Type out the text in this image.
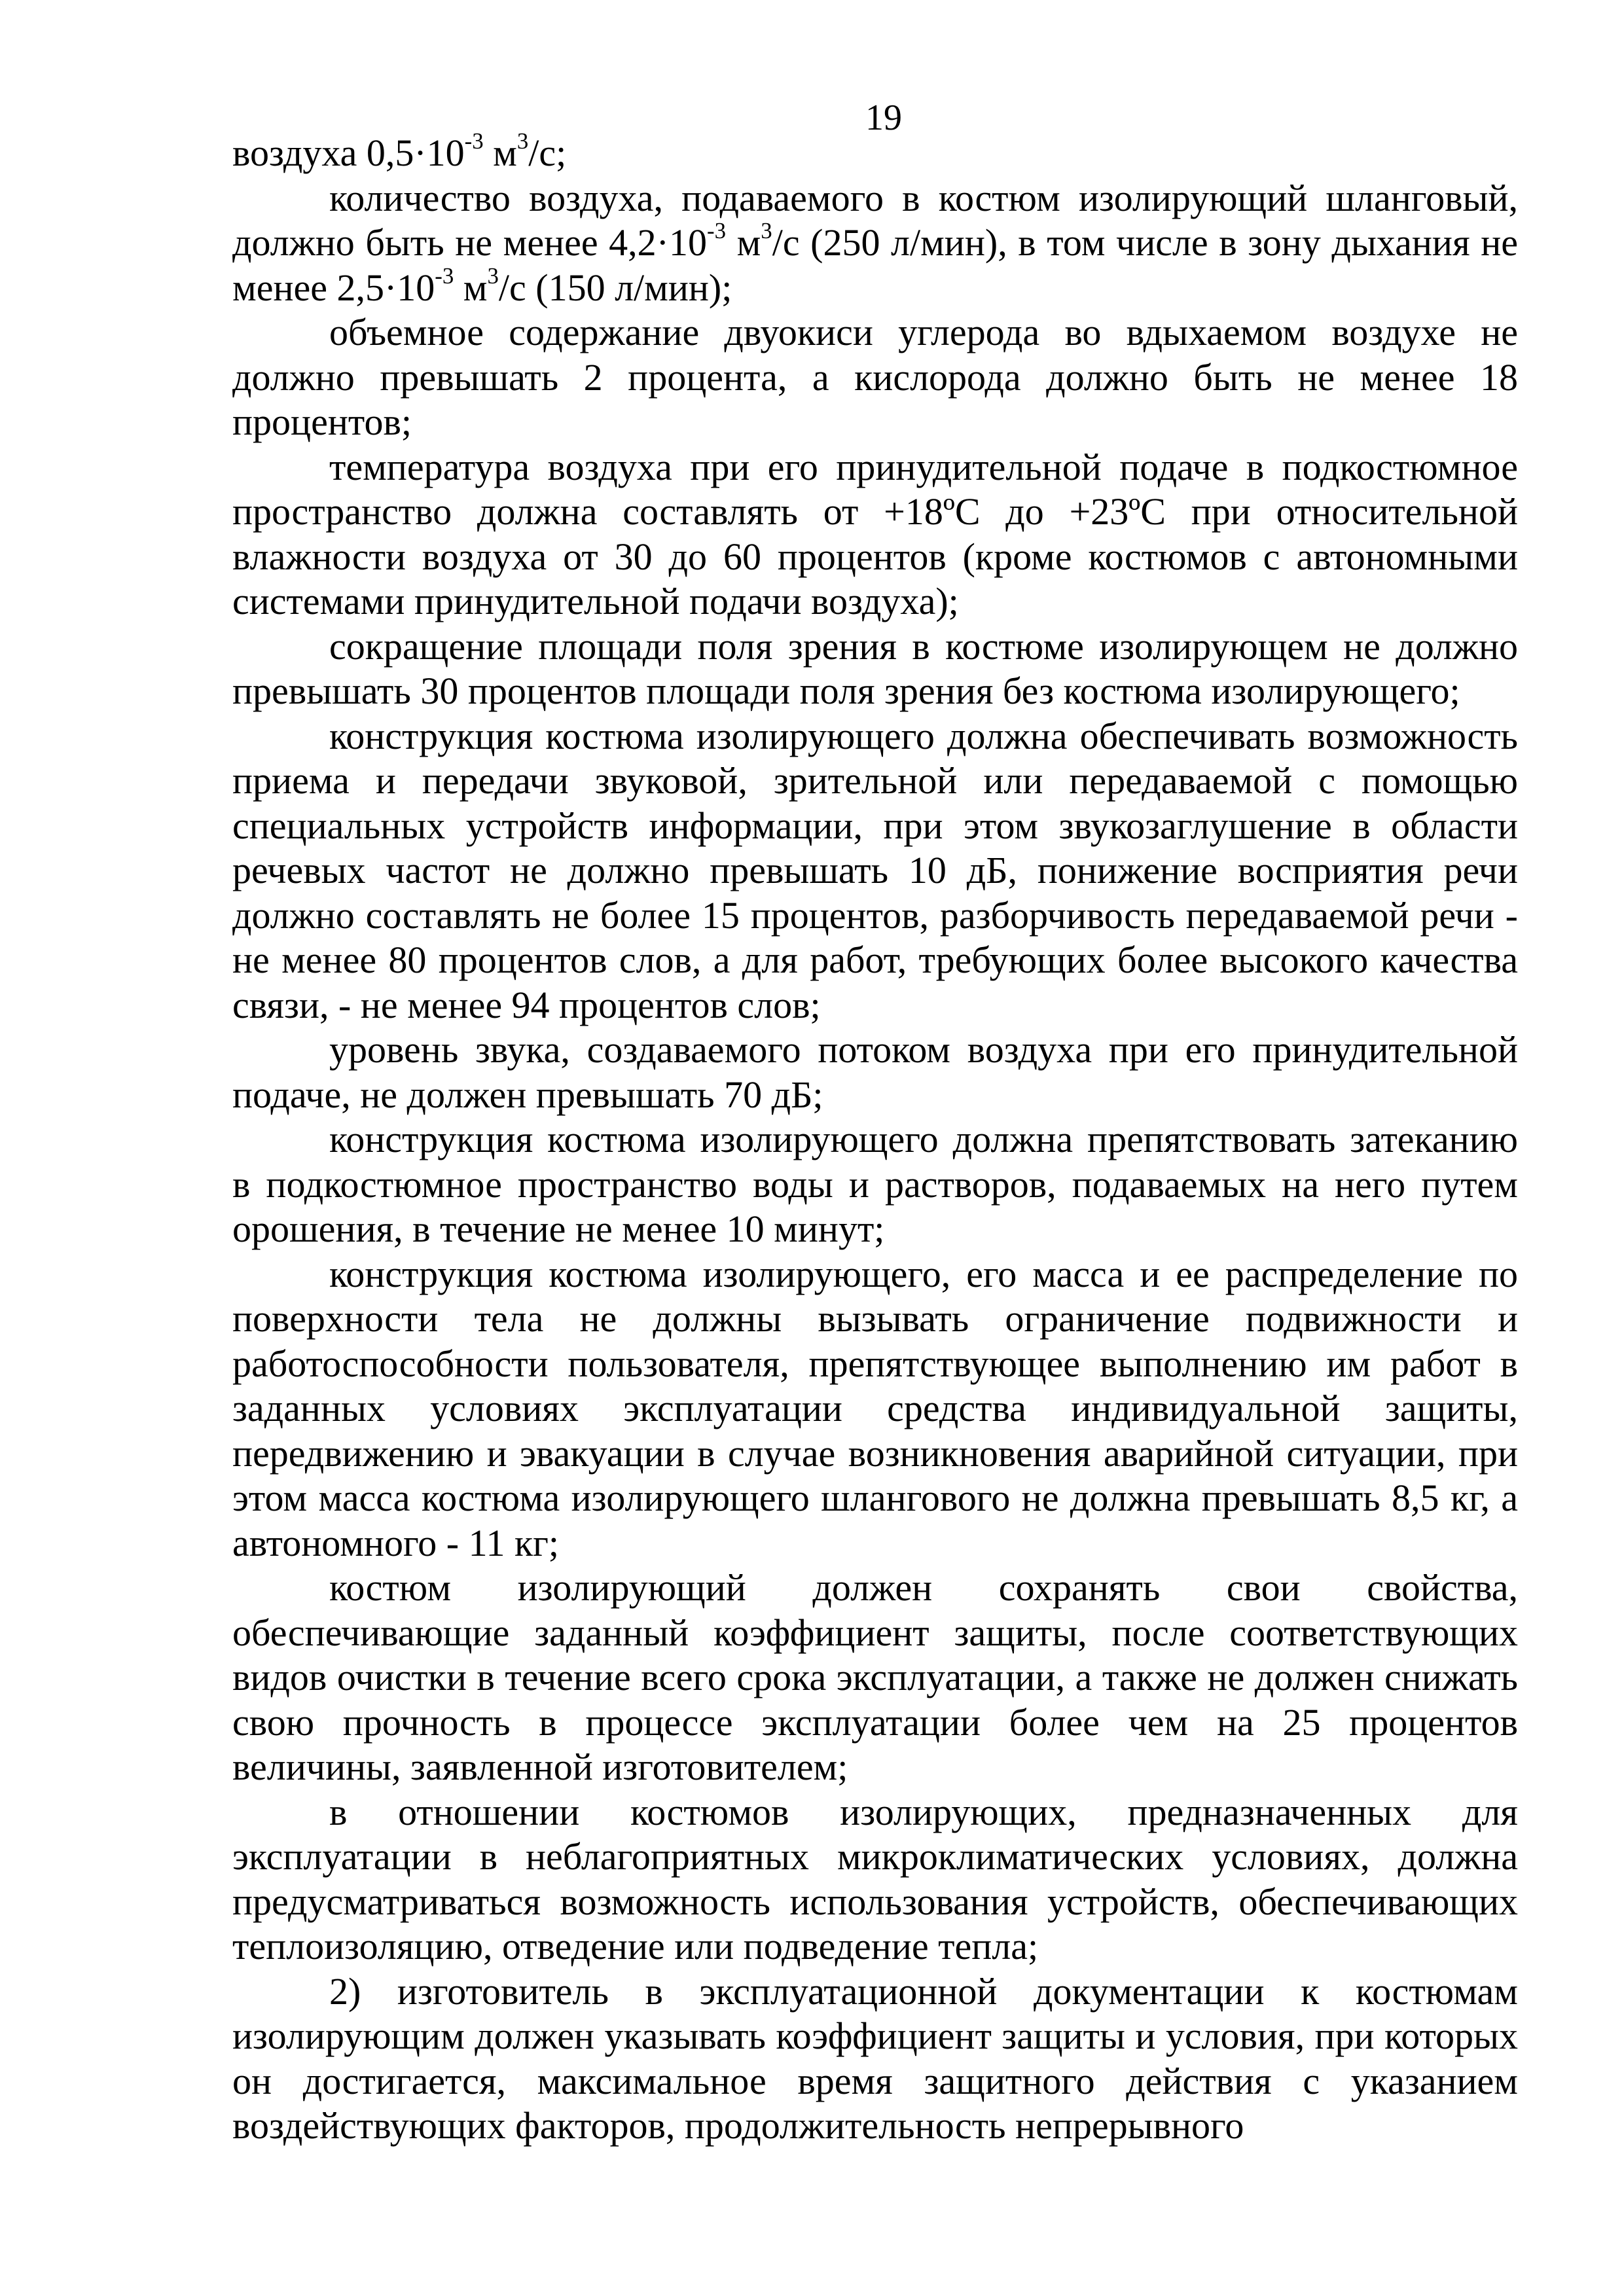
19

воздуха $0,5\cdot 10^{-3}$ $м^3/с$;

количество воздуха, подаваемого в костюм изолирующий шланговый, должно быть не менее $4,2\cdot 10^{-3}$ $м^3/с$ (250 л/мин), в том числе в зону дыхания не менее $2,5\cdot 10^{-3}$ $м^3/с$ (150 л/мин);

объемное содержание двуокиси углерода во вдыхаемом воздухе не должно превышать 2 процента, а кислорода должно быть не менее 18 процентов;

температура воздуха при его принудительной подаче в подкостюмное пространство должна составлять от +18ºС до +23ºС при относительной влажности воздуха от 30 до 60 процентов (кроме костюмов с автономными системами принудительной подачи воздуха);

сокращение площади поля зрения в костюме изолирующем не должно превышать 30 процентов площади поля зрения без костюма изолирующего;

конструкция костюма изолирующего должна обеспечивать возможность приема и передачи звуковой, зрительной или передаваемой с помощью специальных устройств информации, при этом звукозаглушение в области речевых частот не должно превышать 10 дБ, понижение восприятия речи должно составлять не более 15 процентов, разборчивость передаваемой речи - не менее 80 процентов слов, а для работ, требующих более высокого качества связи, - не менее 94 процентов слов;

уровень звука, создаваемого потоком воздуха при его принудительной подаче, не должен превышать 70 дБ;

конструкция костюма изолирующего должна препятствовать затеканию в подкостюмное пространство воды и растворов, подаваемых на него путем орошения, в течение не менее 10 минут;

конструкция костюма изолирующего, его масса и ее распределение по поверхности тела не должны вызывать ограничение подвижности и работоспособности пользователя, препятствующее выполнению им работ в заданных условиях эксплуатации средства индивидуальной защиты, передвижению и эвакуации в случае возникновения аварийной ситуации, при этом масса костюма изолирующего шлангового не должна превышать 8,5 кг, а автономного - 11 кг;

костюм изолирующий должен сохранять свои свойства, обеспечивающие заданный коэффициент защиты, после соответствующих видов очистки в течение всего срока эксплуатации, а также не должен снижать свою прочность в процессе эксплуатации более чем на 25 процентов величины, заявленной изготовителем;

в отношении костюмов изолирующих, предназначенных для эксплуатации в неблагоприятных микроклиматических условиях, должна предусматриваться возможность использования устройств, обеспечивающих теплоизоляцию, отведение или подведение тепла;

2) изготовитель в эксплуатационной документации к костюмам изолирующим должен указывать коэффициент защиты и условия, при которых он достигается, максимальное время защитного действия с указанием воздействующих факторов, продолжительность непрерывного
